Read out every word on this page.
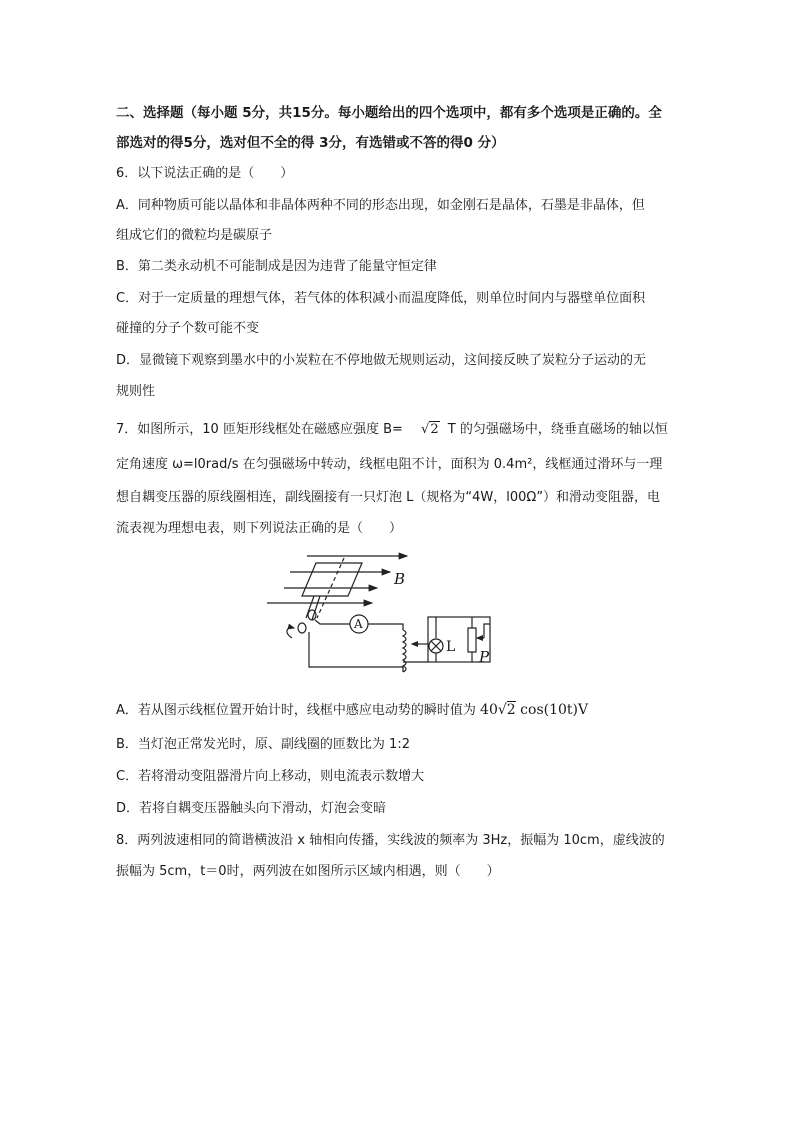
二、选择题（每小题 5分，共15分。每小题给出的四个选项中，都有多个选项是正确的。全
部选对的得5分，选对但不全的得 3分，有选错或不答的得0 分）
6．以下说法正确的是（　　）
A．同种物质可能以晶体和非晶体两种不同的形态出现，如金刚石是晶体，石墨是非晶体，但
组成它们的微粒均是碳原子
B．第二类永动机不可能制成是因为违背了能量守恒定律
C．对于一定质量的理想气体，若气体的体积减小而温度降低，则单位时间内与器壁单位面积
碰撞的分子个数可能不变
D．显微镜下观察到墨水中的小炭粒在不停地做无规则运动，这间接反映了炭粒分子运动的无
规则性
7．如图所示，10 匝矩形线框处在磁感应强度 B= √2 T 的匀强磁场中，绕垂直磁场的轴以恒
定角速度 ω=l0rad/s 在匀强磁场中转动，线框电阻不计，面积为 0.4m²，线框通过滑环与一理
想自耦变压器的原线圈相连，副线圈接有一只灯泡 L（规格为“4W，l00Ω”）和滑动变阻器，电
流表视为理想电表，则下列说法正确的是（　　）
B
P
A
L
A．若从图示线框位置开始计时，线框中感应电动势的瞬时值为 40√2 cos(10t)V
B．当灯泡正常发光时，原、副线圈的匝数比为 1:2
C．若将滑动变阻器滑片向上移动，则电流表示数增大
D．若将自耦变压器触头向下滑动，灯泡会变暗
8．两列波速相同的简谐横波沿 x 轴相向传播，实线波的频率为 3Hz，振幅为 10cm，虚线波的
振幅为 5cm，t＝0时，两列波在如图所示区域内相遇，则（　　）
